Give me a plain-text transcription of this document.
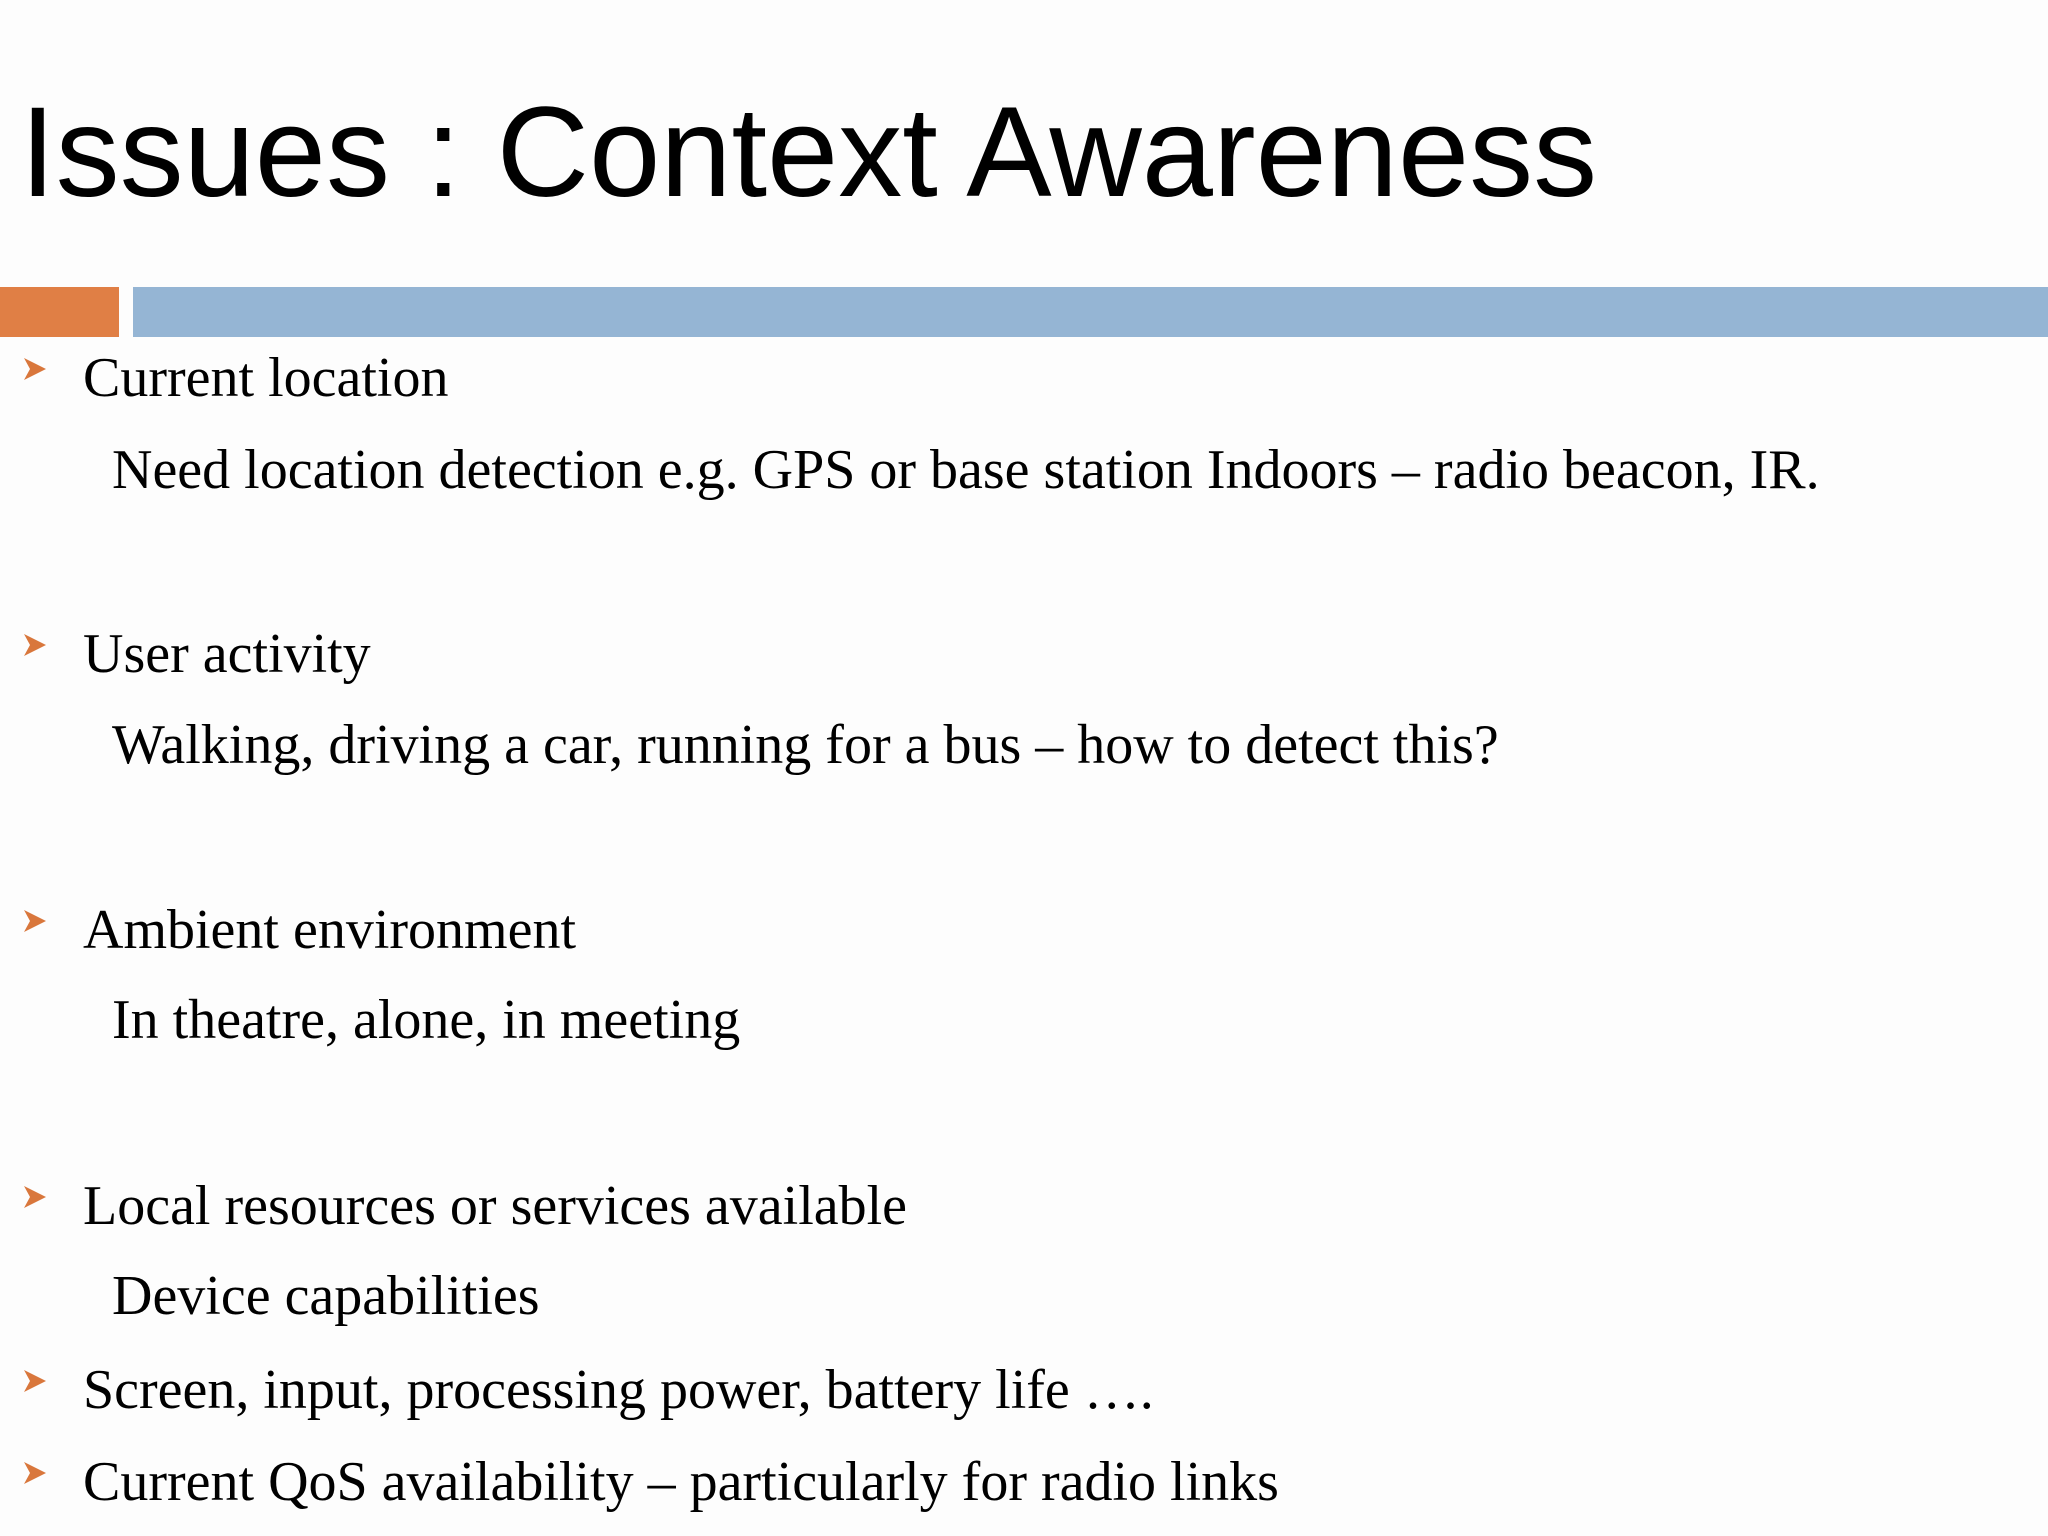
Issues : Context Awareness
Current location
Need location detection e.g. GPS or base station Indoors – radio beacon, IR.
User activity
Walking, driving a car, running for a bus – how to detect this?
Ambient environment
In theatre, alone, in meeting
Local resources or services available
Device capabilities
Screen, input, processing power, battery life ….
Current QoS availability – particularly for radio links
